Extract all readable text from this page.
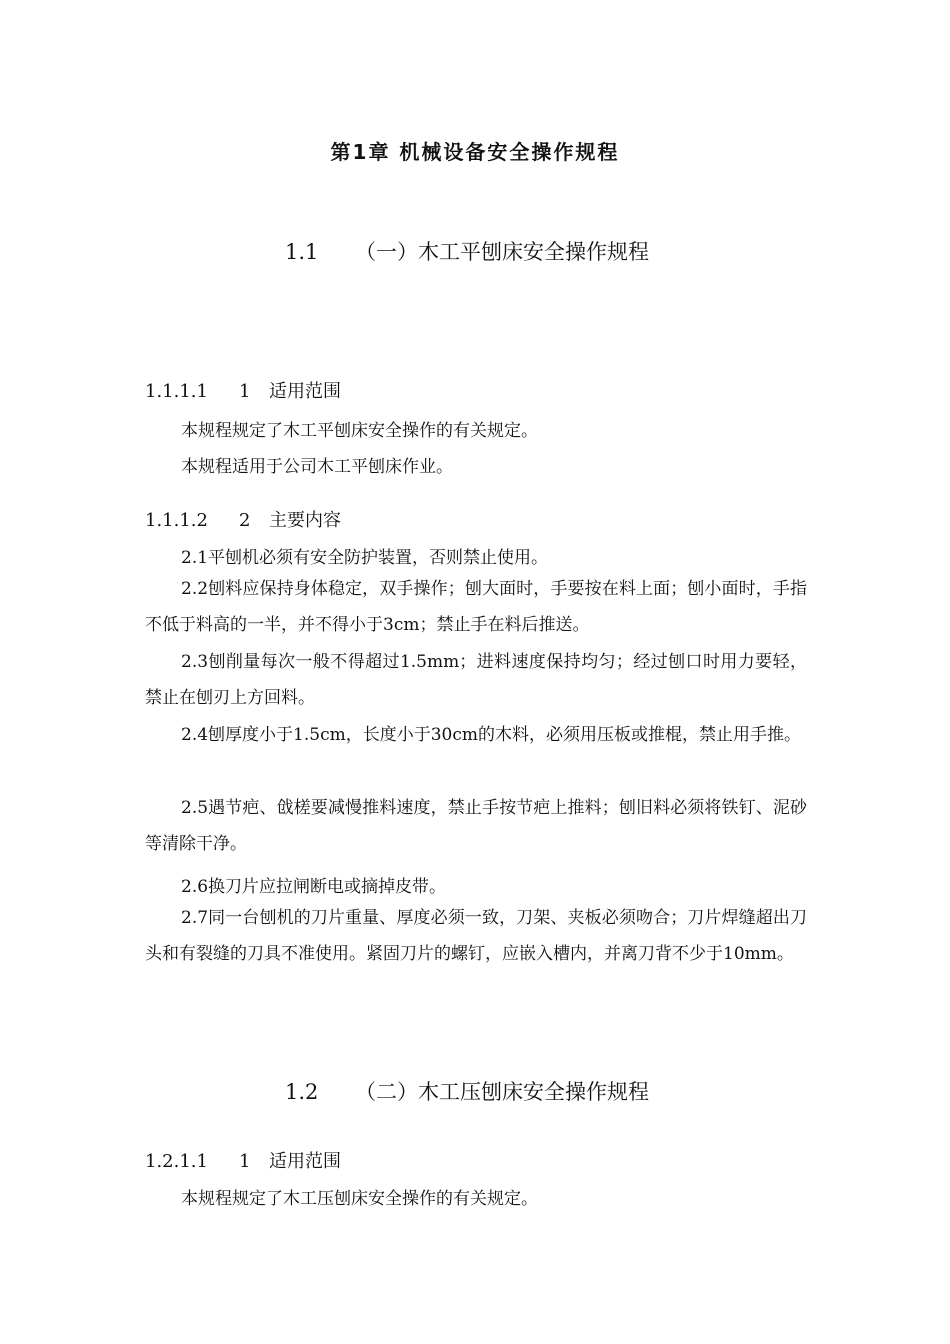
第1章 机械设备安全操作规程
1.1 （一）木工平刨床安全操作规程
1.1.1.1 1 适用范围
本规程规定了木工平刨床安全操作的有关规定。
本规程适用于公司木工平刨床作业。
1.1.1.2 2 主要内容
2.1平刨机必须有安全防护装置，否则禁止使用。
2.2刨料应保持身体稳定，双手操作；刨大面时，手要按在料上面；刨小面时，手指不低于料高的一半，并不得小于3cm；禁止手在料后推送。
2.3刨削量每次一般不得超过1.5mm；进料速度保持均匀；经过刨口时用力要轻， 禁止在刨刃上方回料。
2.4刨厚度小于1.5cm，长度小于30cm的木料，必须用压板或推棍，禁止用手推。
2.5遇节疤、戗槎要减慢推料速度，禁止手按节疤上推料；刨旧料必须将铁钉、泥砂等清除干净。
2.6换刀片应拉闸断电或摘掉皮带。
2.7同一台刨机的刀片重量、厚度必须一致，刀架、夹板必须吻合；刀片焊缝超出刀头和有裂缝的刀具不准使用。紧固刀片的螺钉，应嵌入槽内，并离刀背不少于10mm。
1.2 （二）木工压刨床安全操作规程
1.2.1.1 1 适用范围
本规程规定了木工压刨床安全操作的有关规定。
